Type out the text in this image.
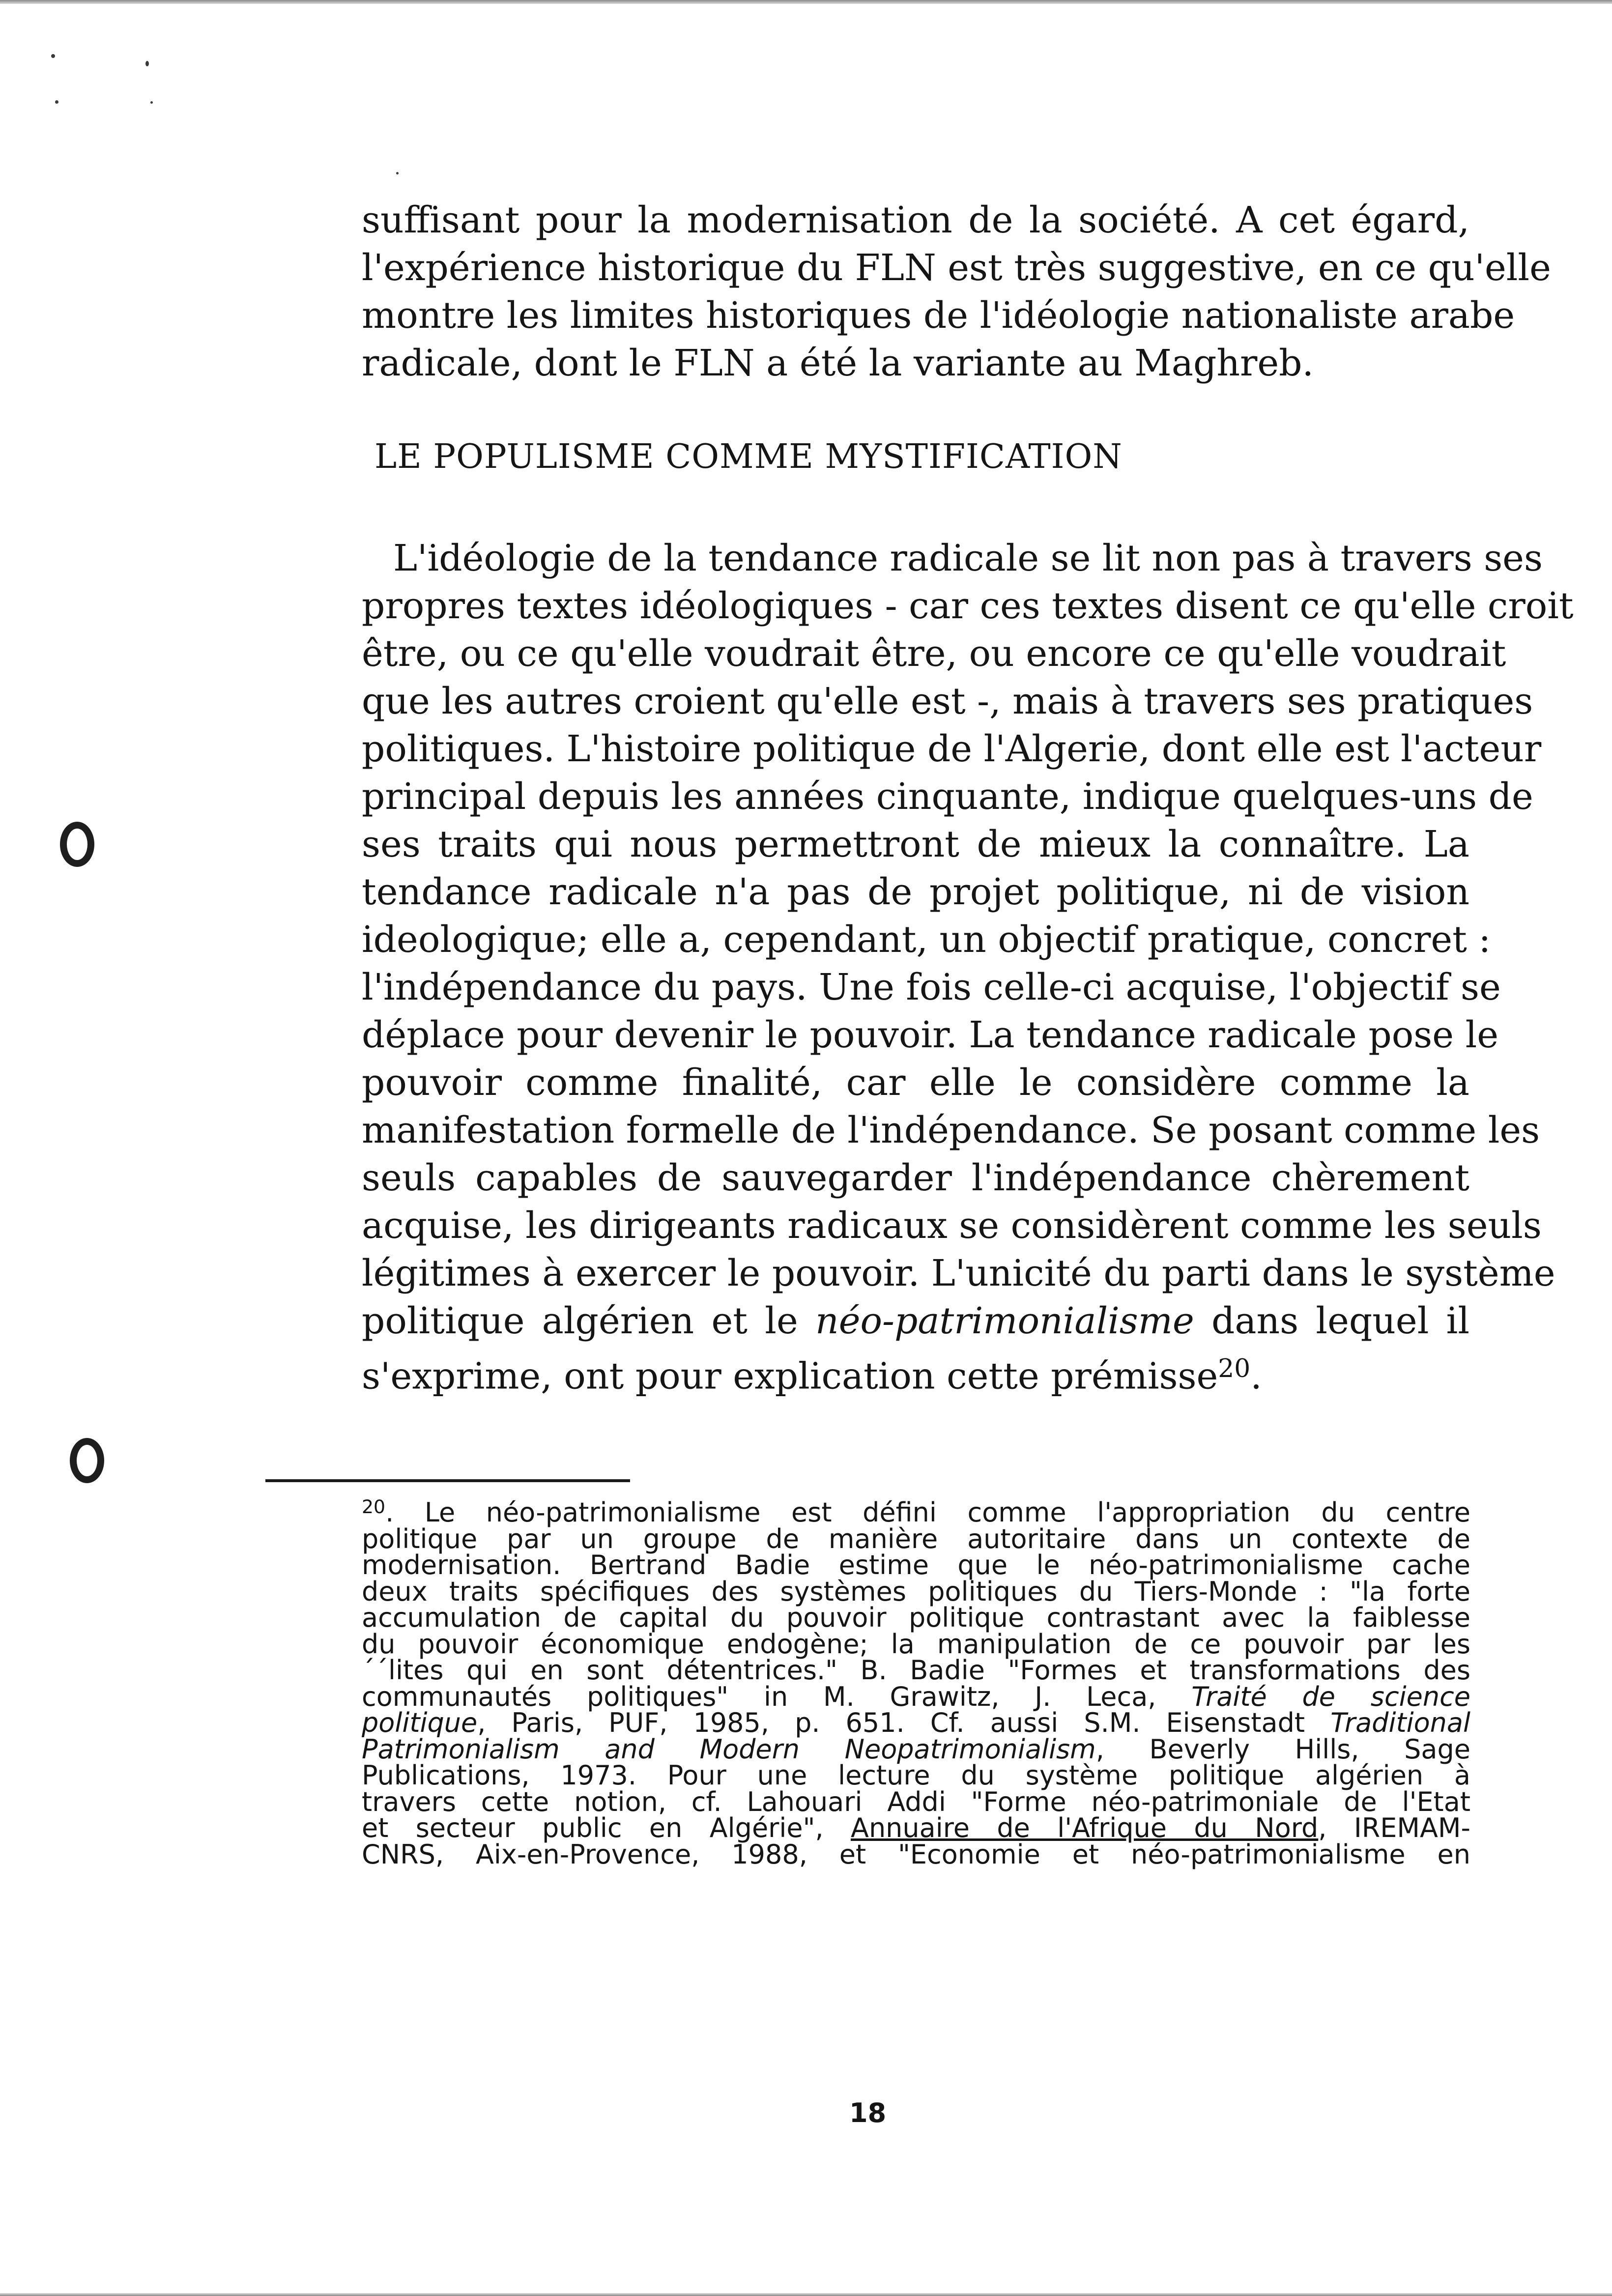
suffisant pour la modernisation de la société. A cet égard,
l'expérience historique du FLN est très suggestive, en ce qu'elle
montre les limites historiques de l'idéologie nationaliste arabe
radicale, dont le FLN a été la variante au Maghreb.
LE POPULISME COMME MYSTIFICATION
L'idéologie de la tendance radicale se lit non pas à travers ses
propres textes idéologiques - car ces textes disent ce qu'elle croit
être, ou ce qu'elle voudrait être, ou encore ce qu'elle voudrait
que les autres croient qu'elle est -, mais à travers ses pratiques
politiques. L'histoire politique de l'Algerie, dont elle est l'acteur
principal depuis les années cinquante, indique quelques-uns de
ses traits qui nous permettront de mieux la connaître. La
tendance radicale n'a pas de projet politique, ni de vision
ideologique; elle a, cependant, un objectif pratique, concret :
l'indépendance du pays. Une fois celle-ci acquise, l'objectif se
déplace pour devenir le pouvoir. La tendance radicale pose le
pouvoir comme finalité, car elle le considère comme la
manifestation formelle de l'indépendance. Se posant comme les
seuls capables de sauvegarder l'indépendance chèrement
acquise, les dirigeants radicaux se considèrent comme les seuls
légitimes à exercer le pouvoir. L'unicité du parti dans le système
politique algérien et le néo-patrimonialisme dans lequel il
s'exprime, ont pour explication cette prémisse$^{20}$.
$^{20}$. Le néo-patrimonialisme est défini comme l'appropriation du centre
politique par un groupe de manière autoritaire dans un contexte de
modernisation. Bertrand Badie estime que le néo-patrimonialisme cache
deux traits spécifiques des systèmes politiques du Tiers-Monde : "la forte
accumulation de capital du pouvoir politique contrastant avec la faiblesse
du pouvoir économique endogène; la manipulation de ce pouvoir par les
´´lites qui en sont détentrices." B. Badie "Formes et transformations des
communautés politiques" in M. Grawitz, J. Leca, Traité de science
politique, Paris, PUF, 1985, p. 651. Cf. aussi S.M. Eisenstadt Traditional
Patrimonialism and Modern Neopatrimonialism, Beverly Hills, Sage
Publications, 1973. Pour une lecture du système politique algérien à
travers cette notion, cf. Lahouari Addi "Forme néo-patrimoniale de l'Etat
et secteur public en Algérie", Annuaire de l'Afrique du Nord, IREMAM-
CNRS, Aix-en-Provence, 1988, et "Economie et néo-patrimonialisme en
18
